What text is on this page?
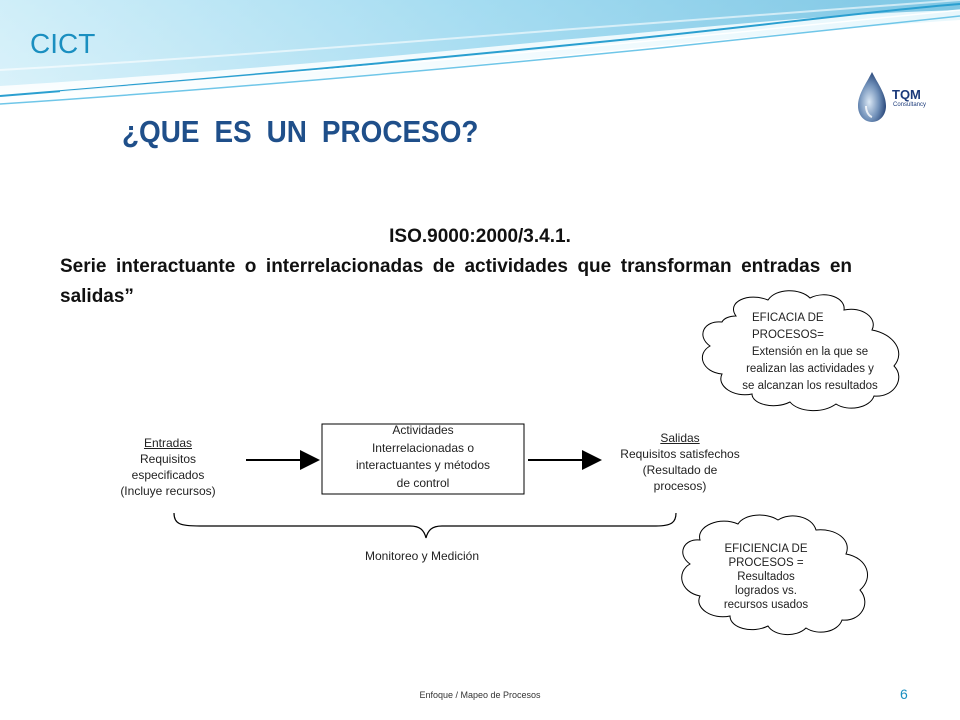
CICT
TQM
Consultancy
¿QUE ES UN PROCESO?
ISO.9000:2000/3.4.1.
Serie interactuante o interrelacionadas de actividades que transforman entradas en salidas”
Entradas
Requisitos
especificados
(Incluye recursos)
Actividades
Interrelacionadas o
interactuantes y métodos
de control
Salidas
Requisitos satisfechos
(Resultado de
procesos)
Monitoreo y Medición
EFICACIA DE
PROCESOS=
Extensión en la que se
realizan las actividades y
se alcanzan los resultados
EFICIENCIA DE
PROCESOS =
Resultados
logrados vs.
recursos usados
Enfoque / Mapeo de Procesos	6
